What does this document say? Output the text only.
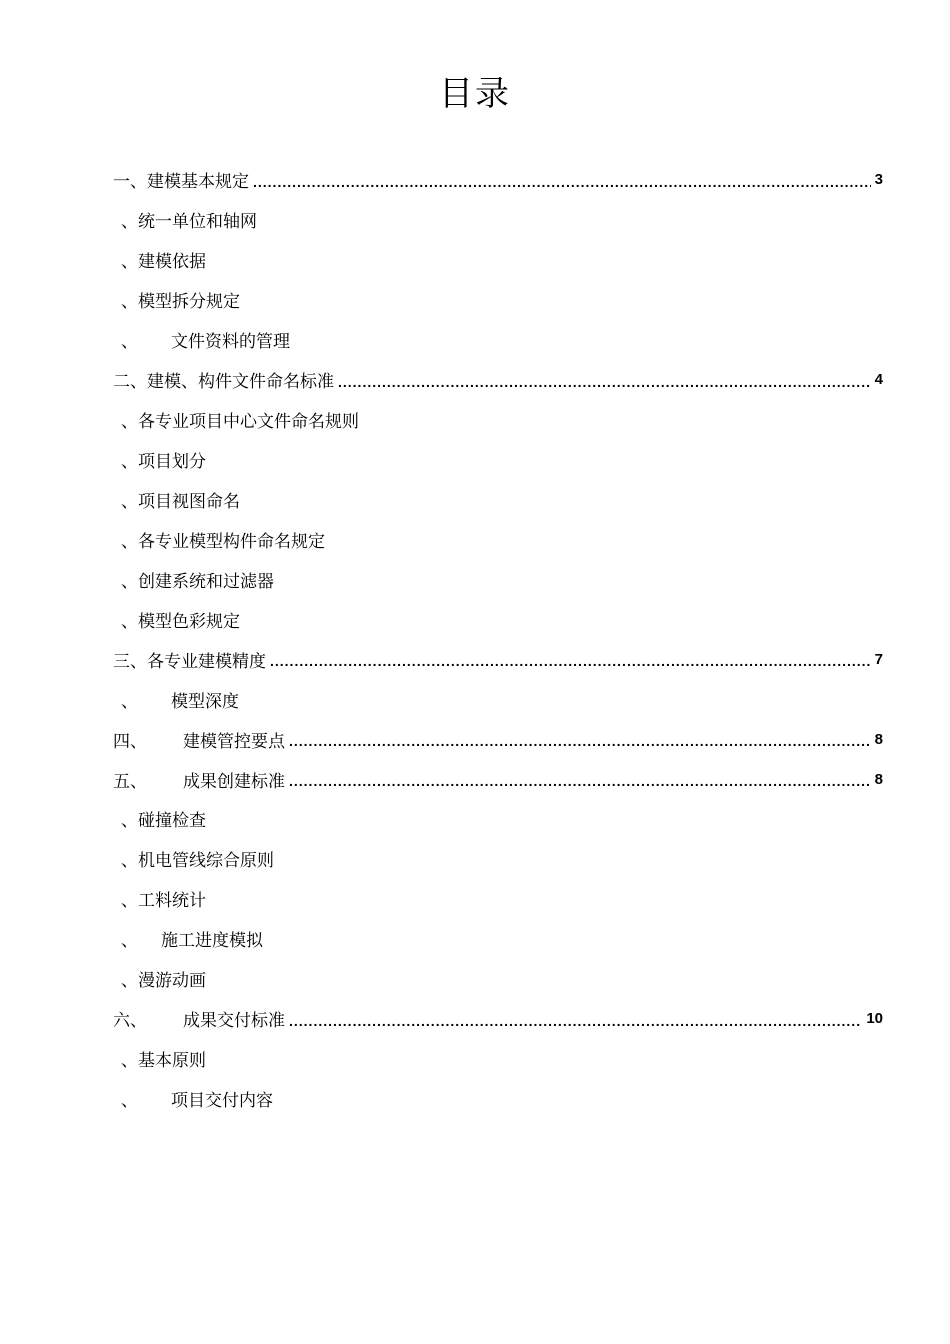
目录
一、 建模基本规定 .....	3
、 统一单位和轴网
、 建模依据
、 模型拆分规定
、	文件资料的管理
二、 建模、构件文件命名标准 .....	4
、 各专业项目中心文件命名规则
、 项目划分
、 项目视图命名
、 各专业模型构件命名规定
、 创建系统和过滤器
、 模型色彩规定
三、 各专业建模精度 .....	7
、	模型深度
四、	建模管控要点 .....	8
五、	成果创建标准 .....	8
、 碰撞检查
、 机电管线综合原则
、 工料统计
、	施工进度模拟
、 漫游动画
六、	成果交付标准 .....	10
、 基本原则
、	项目交付内容
